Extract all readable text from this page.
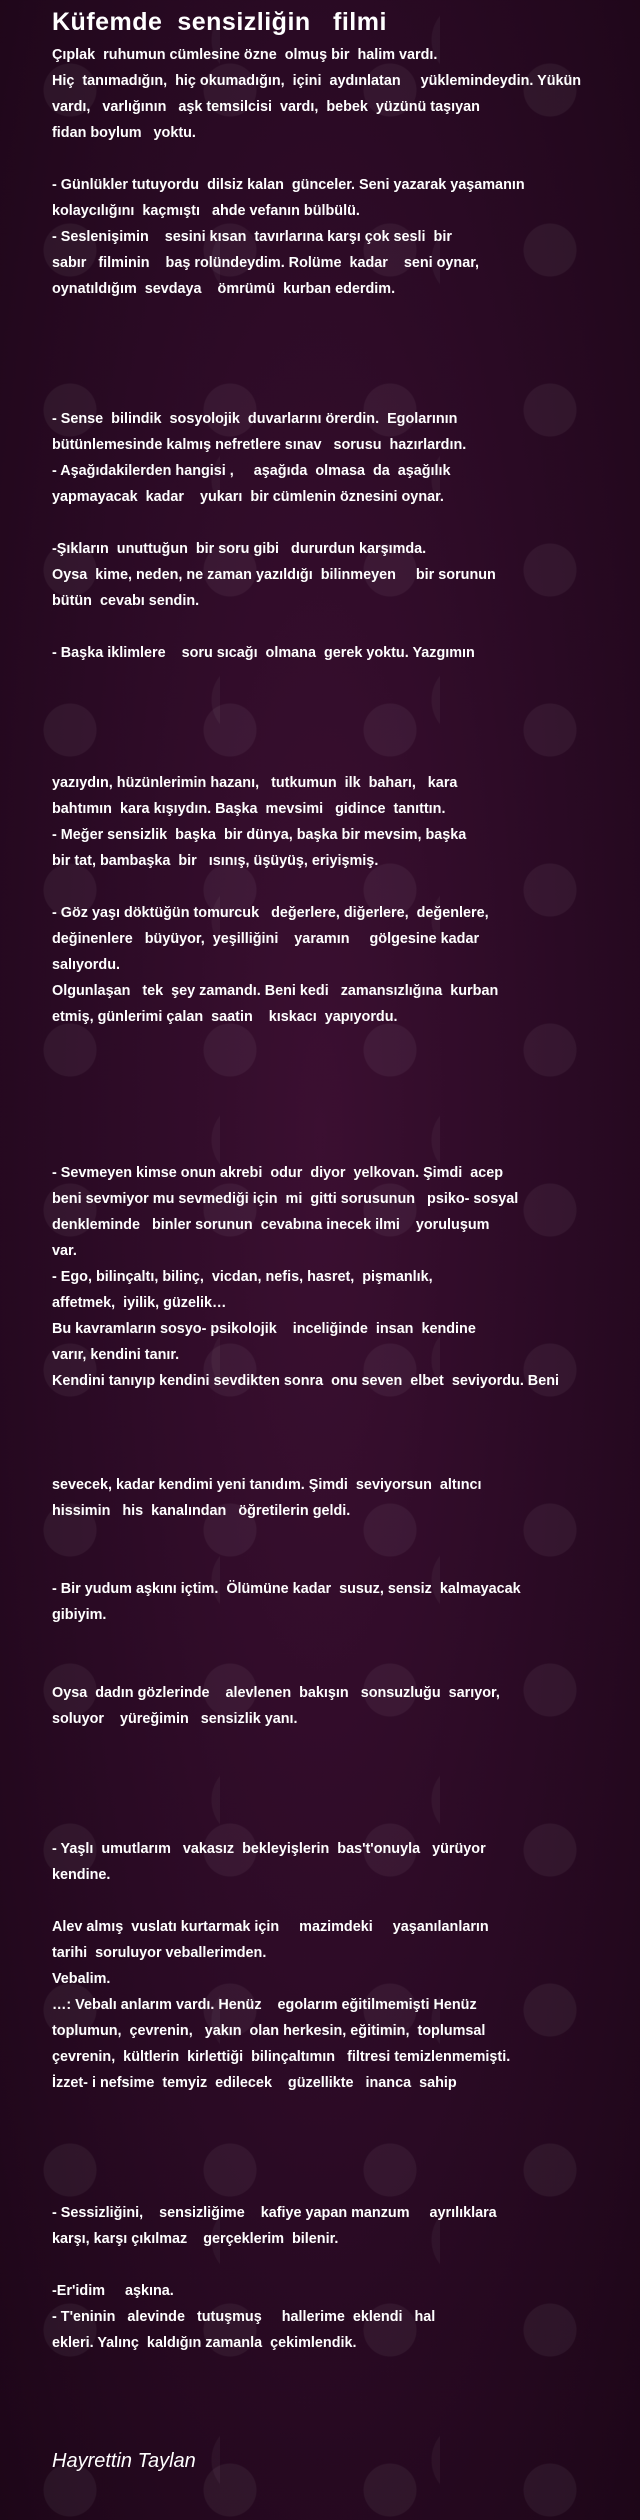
Küfemde  sensizliğin   filmi
Çıplak  ruhumun cümlesine özne  olmuş bir  halim vardı.
Hiç  tanımadığın,  hiç okumadığın,  içini  aydınlatan     yüklemindeydin. Yükün
vardı,   varlığının   aşk temsilcisi  vardı,  bebek  yüzünü taşıyan
fidan boylum   yoktu.
- Günlükler tutuyordu  dilsiz kalan  günceler. Seni yazarak yaşamanın
kolaycılığını  kaçmıştı   ahde vefanın bülbülü.
- Seslenişimin    sesini kısan  tavırlarına karşı çok sesli  bir
sabır   filminin    baş rolündeydim. Rolüme  kadar    seni oynar,
oynatıldığım  sevdaya    ömrümü  kurban ederdim.
- Sense  bilindik  sosyolojik  duvarlarını örerdin.  Egolarının
bütünlemesinde kalmış nefretlere sınav   sorusu  hazırlardın.
- Aşağıdakilerden hangisi ,     aşağıda  olmasa  da  aşağılık
yapmayacak  kadar    yukarı  bir cümlenin öznesini oynar.
-Şıkların  unuttuğun  bir soru gibi   dururdun karşımda.
Oysa  kime, neden, ne zaman yazıldığı  bilinmeyen     bir sorunun
bütün  cevabı sendin.
- Başka iklimlere    soru sıcağı  olmana  gerek yoktu. Yazgımın
yazıydın, hüzünlerimin hazanı,   tutkumun  ilk  baharı,   kara
bahtımın  kara kışıydın. Başka  mevsimi   gidince  tanıttın.
- Meğer sensizlik  başka  bir dünya, başka bir mevsim, başka
bir tat, bambaşka  bir   ısınış, üşüyüş, eriyişmiş.
- Göz yaşı döktüğün tomurcuk   değerlere, diğerlere,  değenlere,
değinenlere   büyüyor,  yeşilliğini    yaramın     gölgesine kadar
salıyordu.
Olgunlaşan   tek  şey zamandı. Beni kedi   zamansızlığına  kurban
etmiş, günlerimi çalan  saatin    kıskacı  yapıyordu.
- Sevmeyen kimse onun akrebi  odur  diyor  yelkovan. Şimdi  acep
beni sevmiyor mu sevmediği için  mi  gitti sorusunun   psiko- sosyal
denkleminde   binler sorunun  cevabına inecek ilmi    yoruluşum
var.
- Ego, bilinçaltı, bilinç,  vicdan, nefis, hasret,  pişmanlık,
affetmek,  iyilik, güzelik…
Bu kavramların sosyo- psikolojik    inceliğinde  insan  kendine
varır, kendini tanır.
Kendini tanıyıp kendini sevdikten sonra  onu seven  elbet  seviyordu. Beni
sevecek, kadar kendimi yeni tanıdım. Şimdi  seviyorsun  altıncı
hissimin   his  kanalından   öğretilerin geldi.
- Bir yudum aşkını içtim.  Ölümüne kadar  susuz, sensiz  kalmayacak
gibiyim.
Oysa  dadın gözlerinde    alevlenen  bakışın   sonsuzluğu  sarıyor,
soluyor    yüreğimin   sensizlik yanı.
- Yaşlı  umutlarım   vakasız  bekleyişlerin  bas't'onuyla   yürüyor
kendine.
Alev almış  vuslatı kurtarmak için     mazimdeki     yaşanılanların
tarihi  soruluyor veballerimden.
Vebalim.
…: Vebalı anlarım vardı. Henüz    egolarım eğitilmemişti Henüz
toplumun,  çevrenin,   yakın  olan herkesin, eğitimin,  toplumsal
çevrenin,  kültlerin  kirlettiği  bilinçaltımın   filtresi temizlenmemişti.
İzzet- i nefsime  temyiz  edilecek    güzellikte   inanca  sahip
- Sessizliğini,    sensizliğime    kafiye yapan manzum     ayrılıklara
karşı, karşı çıkılmaz    gerçeklerim  bilenir.
-Er'idim     aşkına.
- T'eninin   alevinde   tutuşmuş     hallerime  eklendi   hal
ekleri. Yalınç  kaldığın zamanla  çekimlendik.
Hayrettin Taylan
